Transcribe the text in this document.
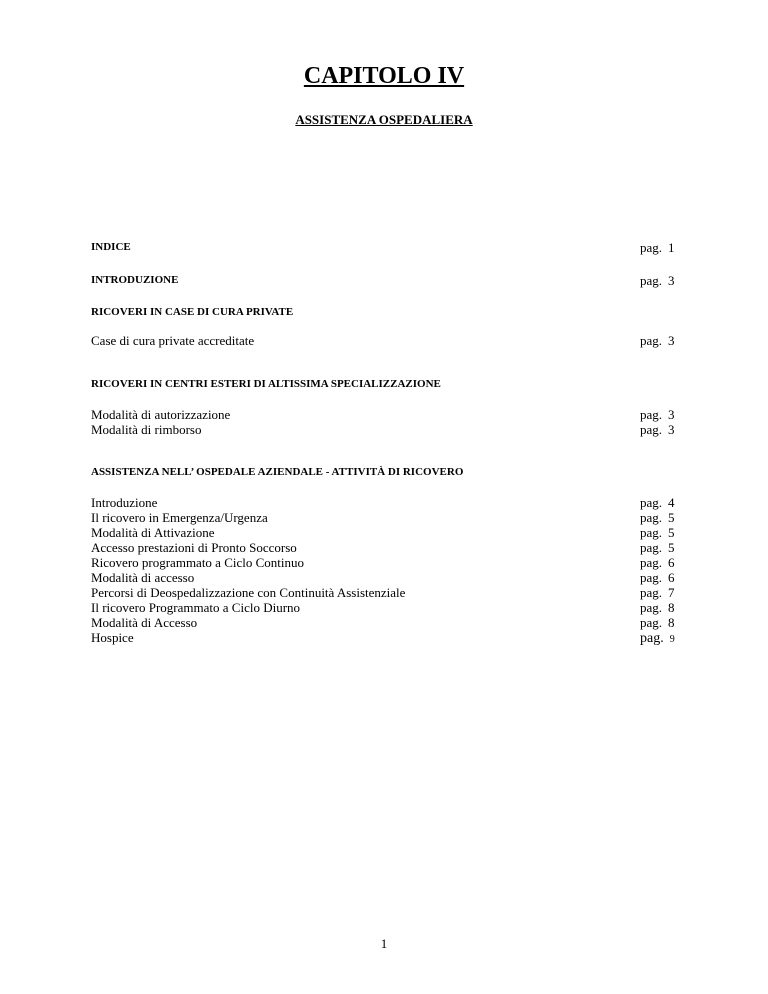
CAPITOLO IV
ASSISTENZA OSPEDALIERA
INDICE	pag. 1
INTRODUZIONE	pag. 3
RICOVERI IN CASE DI CURA PRIVATE
Case di cura private accreditate	pag. 3
RICOVERI IN CENTRI ESTERI DI ALTISSIMA SPECIALIZZAZIONE
Modalità di autorizzazione	pag. 3
Modalità di rimborso	pag. 3
ASSISTENZA NELL’ OSPEDALE AZIENDALE - ATTIVITÀ DI RICOVERO
Introduzione	pag. 4
Il ricovero in Emergenza/Urgenza	pag. 5
Modalità di Attivazione	pag. 5
Accesso prestazioni di Pronto Soccorso	pag. 5
Ricovero programmato a Ciclo Continuo	pag. 6
Modalità di accesso	pag. 6
Percorsi di Deospedalizzazione con Continuità Assistenziale	pag. 7
Il ricovero Programmato a Ciclo Diurno	pag. 8
Modalità di Accesso	pag. 8
Hospice	pag. 9
1
